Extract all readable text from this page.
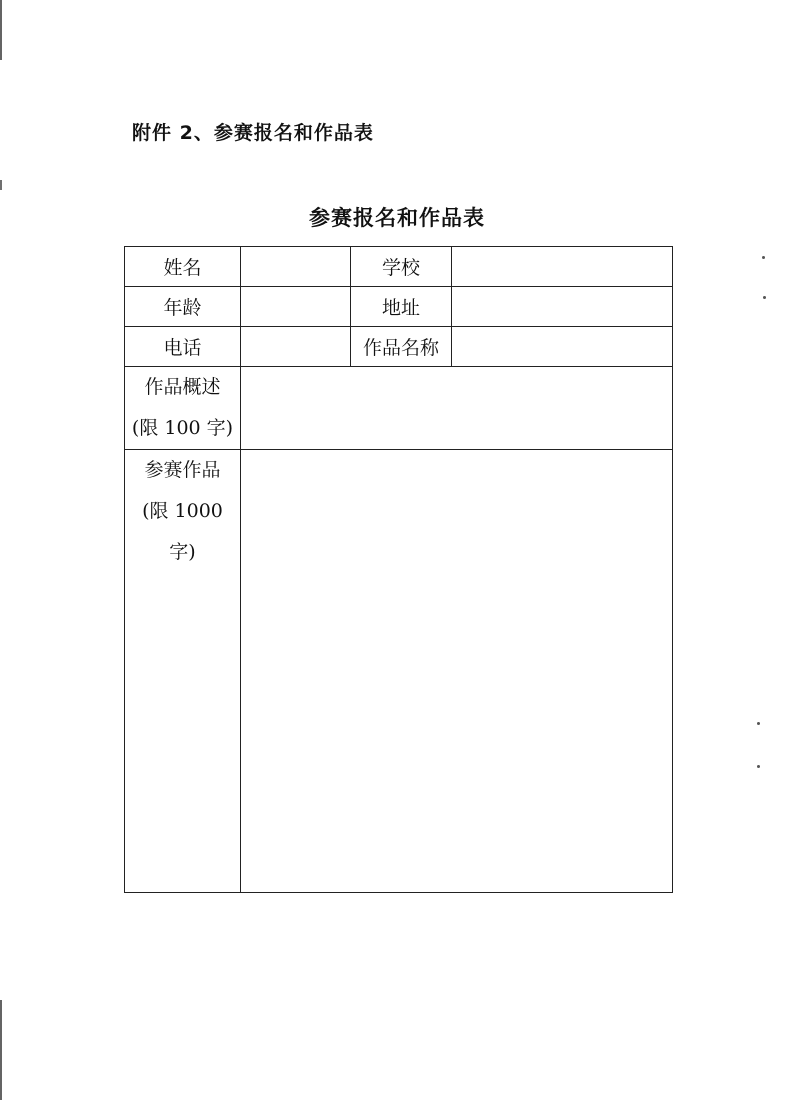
附件 2、参赛报名和作品表
参赛报名和作品表
姓名		学校	
年龄		地址	
电话		作品名称	

作品概述
(限 100 字)			

参赛作品
(限 1000
字)			
